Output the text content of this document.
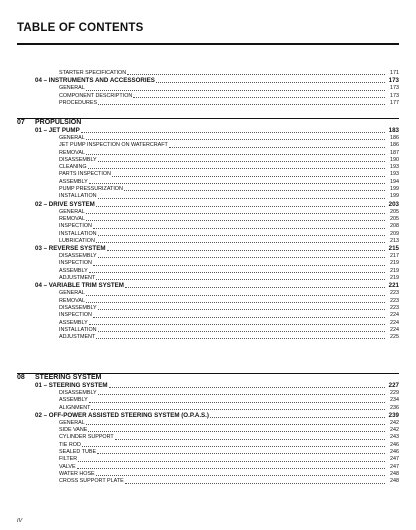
TABLE OF CONTENTS
STARTER SPECIFICATION	171
04 – INSTRUMENTS AND ACCESSORIES	173
GENERAL	173
COMPONENT DESCRIPTION	173
PROCEDURES	177
07	PROPULSION
01 – JET PUMP	183
GENERAL	186
JET PUMP INSPECTION ON WATERCRAFT	186
REMOVAL	187
DISASSEMBLY	190
CLEANING	193
PARTS INSPECTION	193
ASSEMBLY	194
PUMP PRESSURIZATION	199
INSTALLATION	199
02 – DRIVE SYSTEM	203
GENERAL	205
REMOVAL	205
INSPECTION	208
INSTALLATION	209
LUBRICATION	213
03 – REVERSE SYSTEM	215
DISASSEMBLY	217
INSPECTION	219
ASSEMBLY	219
ADJUSTMENT	219
04 – VARIABLE TRIM SYSTEM	221
GENERAL	223
REMOVAL	223
DISASSEMBLY	223
INSPECTION	224
ASSEMBLY	224
INSTALLATION	224
ADJUSTMENT	225
08	STEERING SYSTEM
01 – STEERING SYSTEM	227
DISASSEMBLY	229
ASSEMBLY	234
ALIGNMENT	236
02 – OFF-POWER ASSISTED STEERING SYSTEM (O.P.A.S.)	239
GENERAL	242
SIDE VANE	242
CYLINDER SUPPORT	243
TIE ROD	246
SEALED TUBE	246
FILTER	247
VALVE	247
WATER HOSE	248
CROSS SUPPORT PLATE	248
IV
